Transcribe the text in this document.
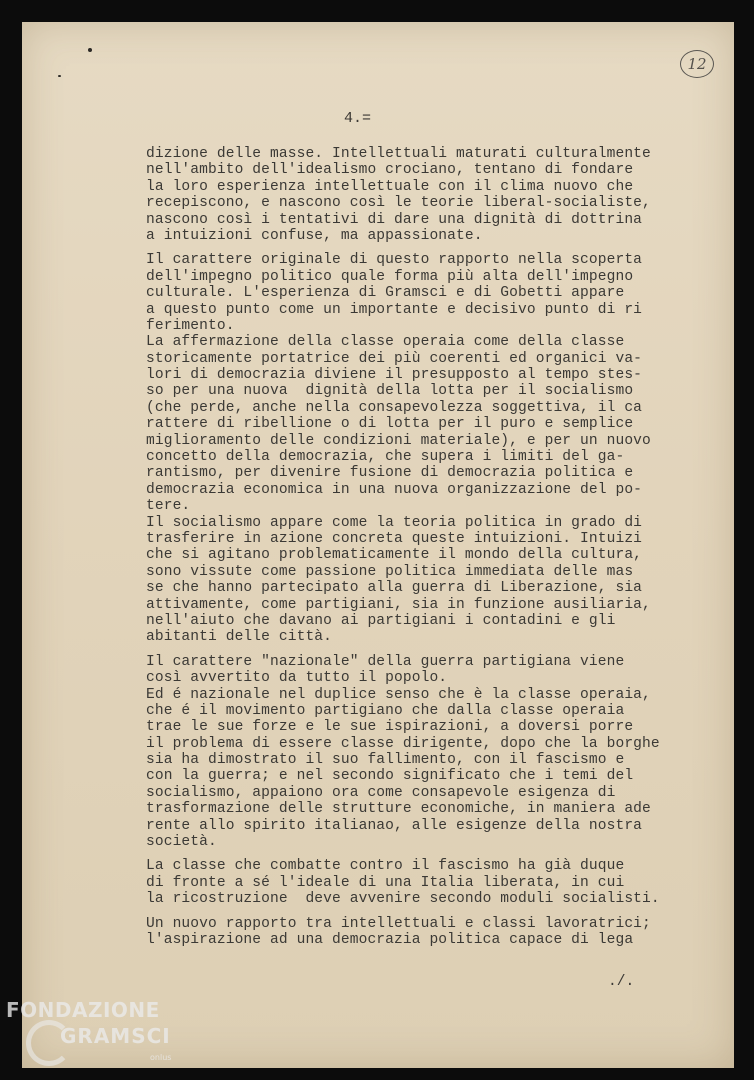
12
4.=
dizione delle masse. Intellettuali maturati culturalmente
nell'ambito dell'idealismo crociano, tentano di fondare
la loro esperienza intellettuale con il clima nuovo che
recepiscono, e nascono così le teorie liberal-socialiste,
nascono così i tentativi di dare una dignità di dottrina
a intuizioni confuse, ma appassionate.
Il carattere originale di questo rapporto nella scoperta
dell'impegno politico quale forma più alta dell'impegno
culturale. L'esperienza di Gramsci e di Gobetti appare
a questo punto come un importante e decisivo punto di ri
ferimento.
La affermazione della classe operaia come della classe
storicamente portatrice dei più coerenti ed organici va-
lori di democrazia diviene il presupposto al tempo stes-
so per una nuova  dignità della lotta per il socialismo
(che perde, anche nella consapevolezza soggettiva, il ca
rattere di ribellione o di lotta per il puro e semplice
miglioramento delle condizioni materiale), e per un nuovo
concetto della democrazia, che supera i limiti del ga-
rantismo, per divenire fusione di democrazia politica e
democrazia economica in una nuova organizzazione del po-
tere.
Il socialismo appare come la teoria politica in grado di
trasferire in azione concreta queste intuizioni. Intuizi
che si agitano problematicamente il mondo della cultura,
sono vissute come passione politica immediata delle mas
se che hanno partecipato alla guerra di Liberazione, sia
attivamente, come partigiani, sia in funzione ausiliaria,
nell'aiuto che davano ai partigiani i contadini e gli
abitanti delle città.
Il carattere "nazionale" della guerra partigiana viene
così avvertito da tutto il popolo.
Ed é nazionale nel duplice senso che è la classe operaia,
che é il movimento partigiano che dalla classe operaia
trae le sue forze e le sue ispirazioni, a doversi porre
il problema di essere classe dirigente, dopo che la borghe
sia ha dimostrato il suo fallimento, con il fascismo e
con la guerra; e nel secondo significato che i temi del
socialismo, appaiono ora come consapevole esigenza di
trasformazione delle strutture economiche, in maniera ade
rente allo spirito italianao, alle esigenze della nostra
società.
La classe che combatte contro il fascismo ha già duque
di fronte a sé l'ideale di una Italia liberata, in cui
la ricostruzione  deve avvenire secondo moduli socialisti.
Un nuovo rapporto tra intellettuali e classi lavoratrici;
l'aspirazione ad una democrazia politica capace di lega
./.
FONDAZIONE
GRAMSCI
onlus
